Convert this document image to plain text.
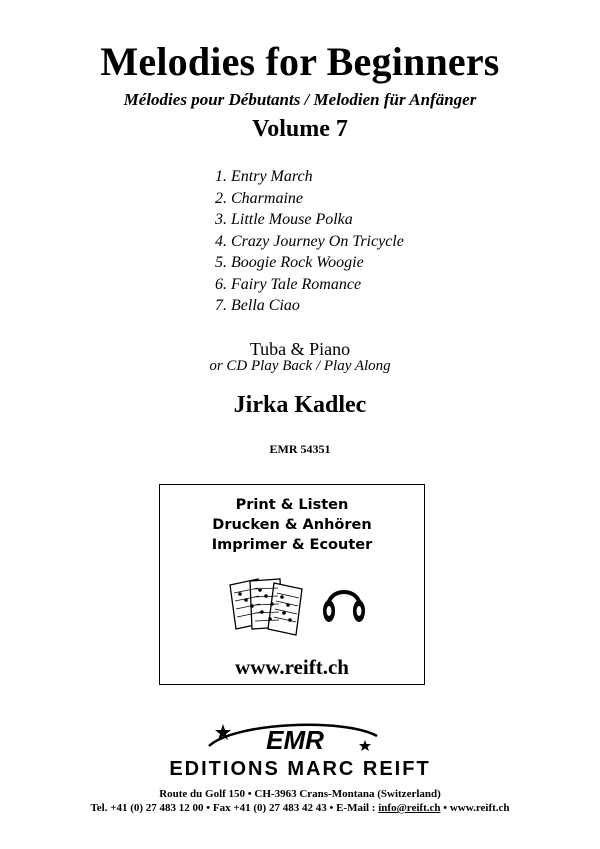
Melodies for Beginners
Mélodies pour Débutants / Melodien für Anfänger
Volume 7
1. Entry March
2. Charmaine
3. Little Mouse Polka
4. Crazy Journey On Tricycle
5. Boogie Rock Woogie
6. Fairy Tale Romance
7. Bella Ciao
Tuba & Piano
or CD Play Back / Play Along
Jirka Kadlec
EMR 54351
Print & Listen
Drucken & Anhören
Imprimer & Ecouter
www.reift.ch
EMR
EDITIONS MARC REIFT
Route du Golf 150 • CH-3963 Crans-Montana (Switzerland)
Tel. +41 (0) 27 483 12 00 • Fax +41 (0) 27 483 42 43 • E-Mail : info@reift.ch • www.reift.ch
